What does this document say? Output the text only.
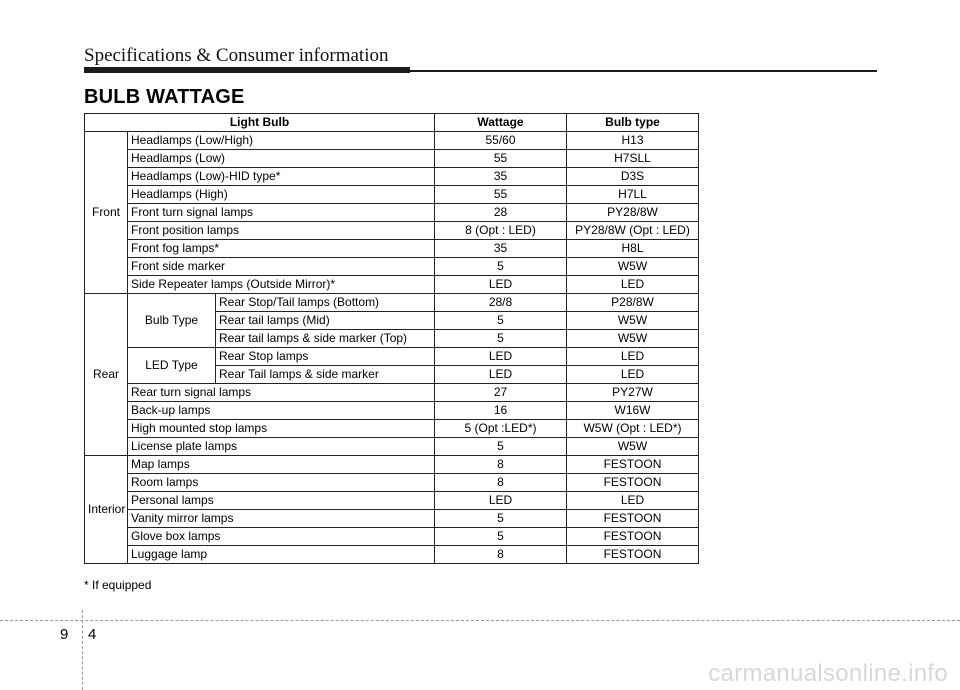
Specifications & Consumer information
BULB WATTAGE
Light Bulb			Wattage	Bulb type
Front	Headlamps (Low/High)		55/60	H13
	Headlamps (Low)		55	H7SLL
	Headlamps (Low)-HID type*		35	D3S
	Headlamps (High)		55	H7LL
	Front turn signal lamps		28	PY28/8W
	Front position lamps		8 (Opt : LED)	PY28/8W (Opt : LED)
	Front fog lamps*		35	H8L
	Front side marker		5	W5W
	Side Repeater lamps (Outside Mirror)*		LED	LED
Rear	Bulb Type	Rear Stop/Tail lamps (Bottom)	28/8	P28/8W
		Rear tail lamps (Mid)	5	W5W
		Rear tail lamps & side marker (Top)	5	W5W
	LED Type	Rear Stop lamps	LED	LED
		Rear Tail lamps & side marker	LED	LED
	Rear turn signal lamps		27	PY27W
	Back-up lamps		16	W16W
	High mounted stop lamps		5 (Opt :LED*)	W5W (Opt : LED*)
	License plate lamps		5	W5W
Interior	Map lamps		8	FESTOON
	Room lamps		8	FESTOON
	Personal lamps		LED	LED
	Vanity mirror lamps		5	FESTOON
	Glove box lamps		5	FESTOON
	Luggage lamp		8	FESTOON
* If equipped
9 4
carmanualsonline.info
